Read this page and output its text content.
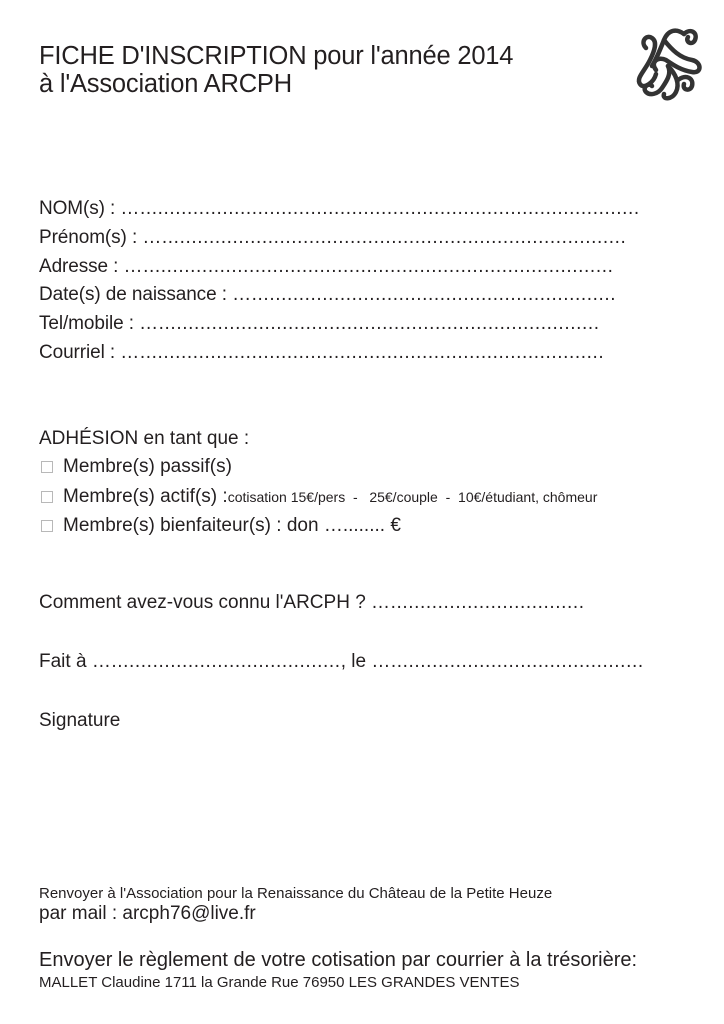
FICHE D'INSCRIPTION pour l'année 2014
à l'Association ARCPH
NOM(s) : ….....................................................................................
Prénom(s) : …...............................................................................
Adresse : …................................................................................
Date(s) de naissance : …..............................................................
Tel/mobile : …...........................................................................
Courriel : …...............................................................................
ADHÉSION en tant que :
Membre(s) passif(s)
Membre(s) actif(s) : cotisation 15€/pers  -   25€/couple  -  10€/étudiant, chômeur
Membre(s) bienfaiteur(s) : don …........ €
Comment avez-vous connu l'ARCPH ? ….................................
Fait à …......................................., le …...........................................
Signature
Renvoyer à l'Association pour la Renaissance du Château de la Petite Heuze
par mail : arcph76@live.fr
Envoyer le règlement de votre cotisation par courrier à la trésorière:
MALLET Claudine 1711 la Grande Rue 76950 LES GRANDES VENTES
